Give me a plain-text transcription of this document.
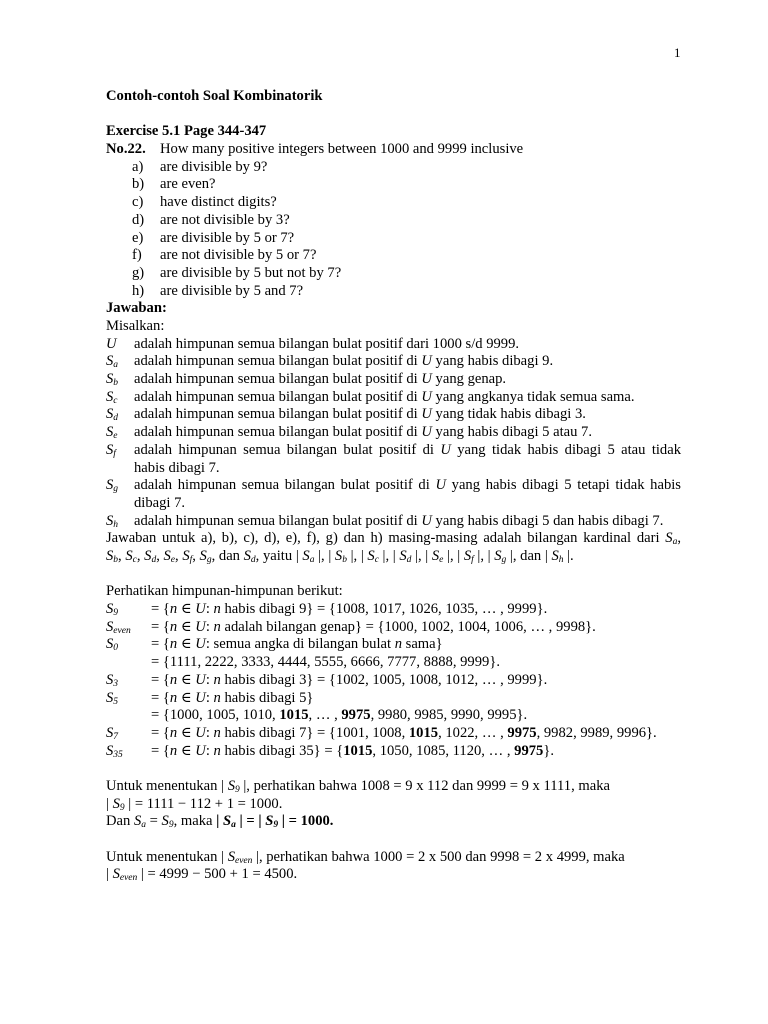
1
Contoh-contoh Soal Kombinatorik
Exercise 5.1 Page 344-347
No.22. How many positive integers between 1000 and 9999 inclusive
a) are divisible by 9?
b) are even?
c) have distinct digits?
d) are not divisible by 3?
e) are divisible by 5 or 7?
f) are not divisible by 5 or 7?
g) are divisible by 5 but not by 7?
h) are divisible by 5 and 7?
Jawaban:
Misalkan:
U	adalah himpunan semua bilangan bulat positif dari 1000 s/d 9999.
$S_a$	adalah himpunan semua bilangan bulat positif di U yang habis dibagi 9.
$S_b$	adalah himpunan semua bilangan bulat positif di U yang genap.
$S_c$	adalah himpunan semua bilangan bulat positif di U yang angkanya tidak semua sama.
$S_d$	adalah himpunan semua bilangan bulat positif di U yang tidak habis dibagi 3.
$S_e$	adalah himpunan semua bilangan bulat positif di U yang habis dibagi 5 atau 7.
$S_f$	adalah himpunan semua bilangan bulat positif di U yang tidak habis dibagi 5 atau tidak
habis dibagi 7.
$S_g$	adalah himpunan semua bilangan bulat positif di U yang habis dibagi 5 tetapi tidak habis
dibagi 7.
$S_h$	adalah himpunan semua bilangan bulat positif di U yang habis dibagi 5 dan habis dibagi 7.
Jawaban untuk a), b), c), d), e), f), g) dan h) masing-masing adalah bilangan kardinal dari $S_a$,
$S_b$, $S_c$, $S_d$, $S_e$, $S_f$, $S_g$, dan $S_d$, yaitu | $S_a$ |, | $S_b$ |, | $S_c$ |, | $S_d$ |, | $S_e$ |, | $S_f$ |, | $S_g$ |, dan | $S_h$ |.
Perhatikan himpunan-himpunan berikut:
$S_9 = \{n$ ∈ U: n habis dibagi 9} = {1008, 1017, 1026, 1035, … , 9999}.
$S_{even} = \{n$ ∈ U: n adalah bilangan genap} = {1000, 1002, 1004, 1006, … , 9998}.
$S_0 = \{n$ ∈ U: semua angka di bilangan bulat n sama}
= {1111, 2222, 3333, 4444, 5555, 6666, 7777, 8888, 9999}.
$S_3 = \{n$ ∈ U: n habis dibagi 3} = {1002, 1005, 1008, 1012, … , 9999}.
$S_5 = \{n$ ∈ U: n habis dibagi 5}
= {1000, 1005, 1010, 1015, … , 9975, 9980, 9985, 9990, 9995}.
$S_7 = \{n$ ∈ U: n habis dibagi 7} = {1001, 1008, 1015, 1022, … , 9975, 9982, 9989, 9996}.
$S_{35} = \{n$ ∈ U: n habis dibagi 35} = {1015, 1050, 1085, 1120, … , 9975}.
Untuk menentukan | $S_9$ |, perhatikan bahwa 1008 = 9 x 112 dan 9999 = 9 x 1111, maka
| $S_9$ | = 1111 − 112 + 1 = 1000.
Dan $S_a = S_9$, maka | $S_a$ | = | $S_9$ | = 1000.
Untuk menentukan | $S_{even}$ |, perhatikan bahwa 1000 = 2 x 500 dan 9998 = 2 x 4999, maka
| $S_{even}$ | = 4999 − 500 + 1 = 4500.
